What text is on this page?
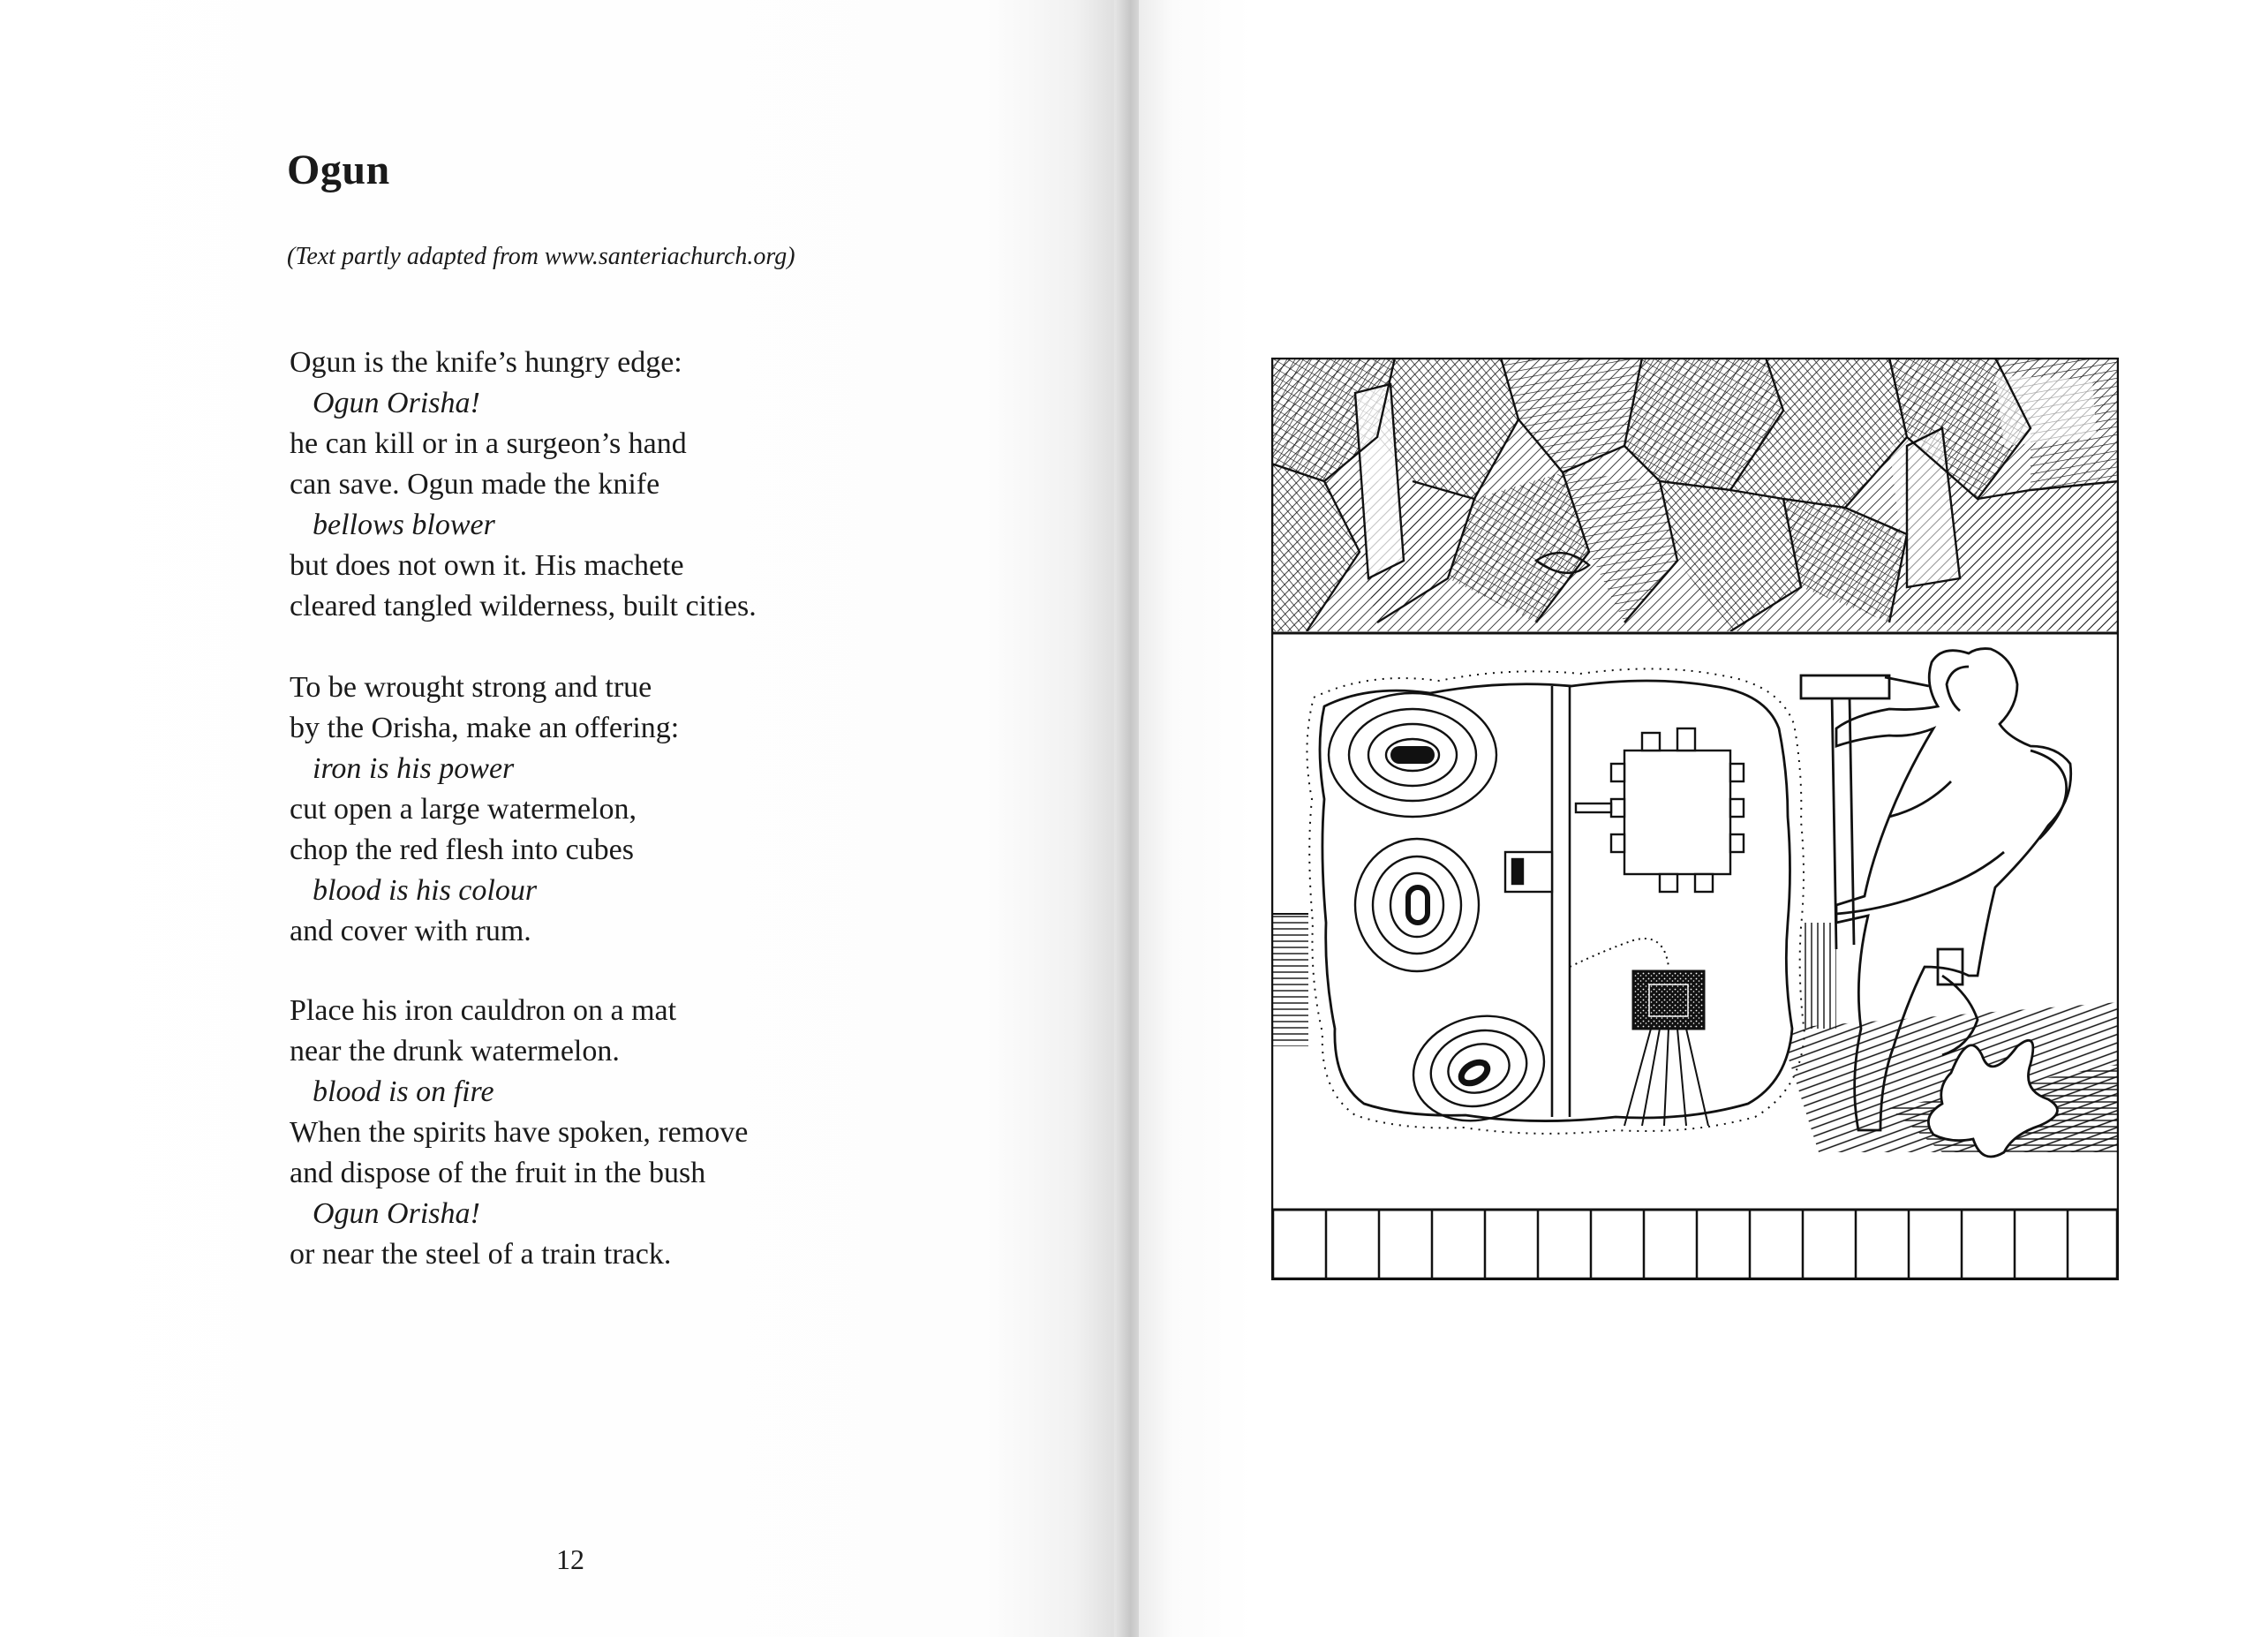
Ogun
(Text partly adapted from www.santeriachurch.org)
Ogun is the knife’s hungry edge:
Ogun Orisha!
he can kill or in a surgeon’s hand
can save. Ogun made the knife
bellows blower
but does not own it. His machete
cleared tangled wilderness, built cities.
To be wrought strong and true
by the Orisha, make an offering:
iron is his power
cut open a large watermelon,
chop the red flesh into cubes
blood is his colour
and cover with rum.
Place his iron cauldron on a mat
near the drunk watermelon.
blood is on fire
When the spirits have spoken, remove
and dispose of the fruit in the bush
Ogun Orisha!
or near the steel of a train track.
12
